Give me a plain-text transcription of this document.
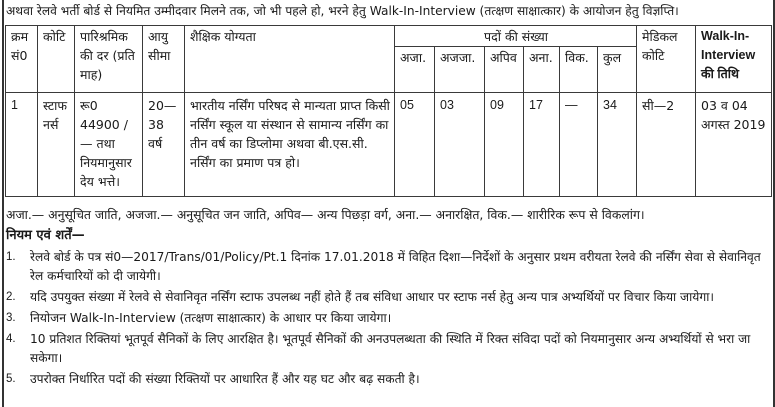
अथवा रेलवे भर्ती बोर्ड से नियमित उम्मीदवार मिलने तक, जो भी पहले हो, भरने हेतु Walk-In-Interview (तत्क्षण साक्षात्कार) के आयोजन हेतु विज्ञप्ति।
क्रम सं0	कोटि	पारिश्रमिक की दर (प्रति माह)	आयु सीमा	शैक्षिक योग्यता	पदों की संख्या						मेडिकल कोटि	Walk-In-Interview की तिथि
					अजा.	अजजा.	अपिव	अना.	विक.	कुल		
1	स्टाफ नर्स	रू0 44900 / — तथा नियमानुसार देय भत्ते।	20—38 वर्ष	भारतीय नर्सिंग परिषद से मान्यता प्राप्त किसी नर्सिंग स्कूल या संस्थान से सामान्य नर्सिंग का तीन वर्ष का डिप्लोमा अथवा बी.एस.सी. नर्सिंग का प्रमाण पत्र हो।	05	03	09	17	—	34	सी—2	03 व 04 अगस्त 2019
अजा.— अनुसूचित जाति, अजजा.— अनुसूचित जन जाति, अपिव— अन्य पिछड़ा वर्ग, अना.— अनारक्षित, विक.— शारीरिक रूप से विकलांग।
नियम एवं शर्तें—
1. रेलवे बोर्ड के पत्र सं0—2017/Trans/01/Policy/Pt.1 दिनांक 17.01.2018 में विहित दिशा—निर्देशों के अनुसार प्रथम वरीयता रेलवे की नर्सिंग सेवा से सेवानिवृत रेल कर्मचारियों को दी जायेगी।
2. यदि उपयुक्त संख्या में रेलवे से सेवानिवृत नर्सिंग स्टाफ उपलब्ध नहीं होते हैं तब संविधा आधार पर स्टाफ नर्स हेतु अन्य पात्र अभ्यर्थियों पर विचार किया जायेगा।
3. नियोजन Walk-In-Interview (तत्क्षण साक्षात्कार) के आधार पर किया जायेगा।
4. 10 प्रतिशत रिक्तियां भूतपूर्व सैनिकों के लिए आरक्षित है। भूतपूर्व सैनिकों की अनउपलब्धता की स्थिति में रिक्त संविदा पदों को नियमानुसार अन्य अभ्यर्थियों से भरा जा सकेगा।
5. उपरोक्त निर्धारित पदों की संख्या रिक्तियों पर आधारित हैं और यह घट और बढ़ सकती है।
